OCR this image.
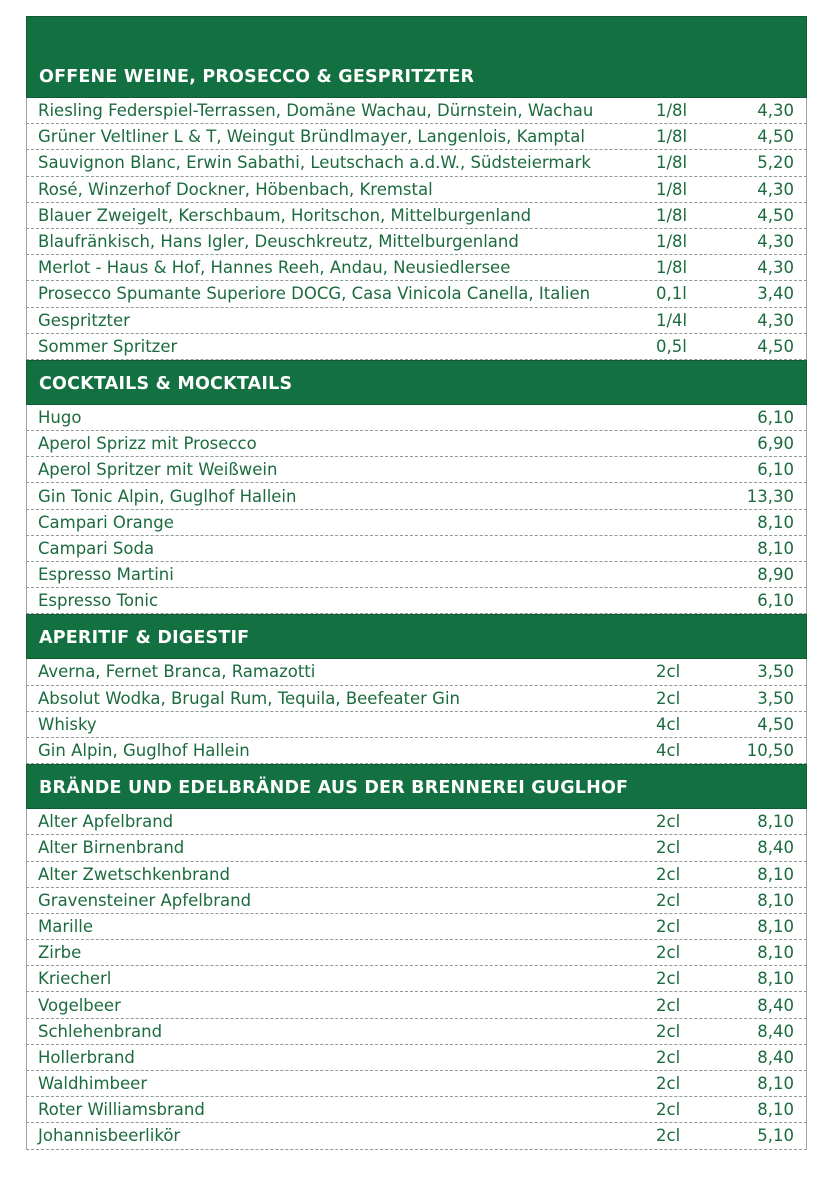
OFFENE WEINE, PROSECCO & GESPRITZTER
Riesling Federspiel-Terrassen, Domäne Wachau, Dürnstein, Wachau	1/8l	4,30
Grüner Veltliner L & T, Weingut Bründlmayer, Langenlois, Kamptal	1/8l	4,50
Sauvignon Blanc, Erwin Sabathi, Leutschach a.d.W., Südsteiermark	1/8l	5,20
Rosé, Winzerhof Dockner, Höbenbach, Kremstal	1/8l	4,30
Blauer Zweigelt, Kerschbaum, Horitschon, Mittelburgenland	1/8l	4,50
Blaufränkisch, Hans Igler, Deuschkreutz, Mittelburgenland	1/8l	4,30
Merlot - Haus & Hof, Hannes Reeh, Andau, Neusiedlersee	1/8l	4,30
Prosecco Spumante Superiore DOCG, Casa Vinicola Canella, Italien	0,1l	3,40
Gespritzter	1/4l	4,30
Sommer Spritzer	0,5l	4,50
COCKTAILS & MOCKTAILS
Hugo	6,10
Aperol Sprizz mit Prosecco	6,90
Aperol Spritzer mit Weißwein	6,10
Gin Tonic Alpin, Guglhof Hallein	13,30
Campari Orange	8,10
Campari Soda	8,10
Espresso Martini	8,90
Espresso Tonic	6,10
APERITIF & DIGESTIF
Averna, Fernet Branca, Ramazotti	2cl	3,50
Absolut Wodka, Brugal Rum, Tequila, Beefeater Gin	2cl	3,50
Whisky	4cl	4,50
Gin Alpin, Guglhof Hallein	4cl	10,50
BRÄNDE UND EDELBRÄNDE AUS DER BRENNEREI GUGLHOF
Alter Apfelbrand	2cl	8,10
Alter Birnenbrand	2cl	8,40
Alter Zwetschkenbrand	2cl	8,10
Gravensteiner Apfelbrand	2cl	8,10
Marille	2cl	8,10
Zirbe	2cl	8,10
Kriecherl	2cl	8,10
Vogelbeer	2cl	8,40
Schlehenbrand	2cl	8,40
Hollerbrand	2cl	8,40
Waldhimbeer	2cl	8,10
Roter Williamsbrand	2cl	8,10
Johannisbeerlikör	2cl	5,10
